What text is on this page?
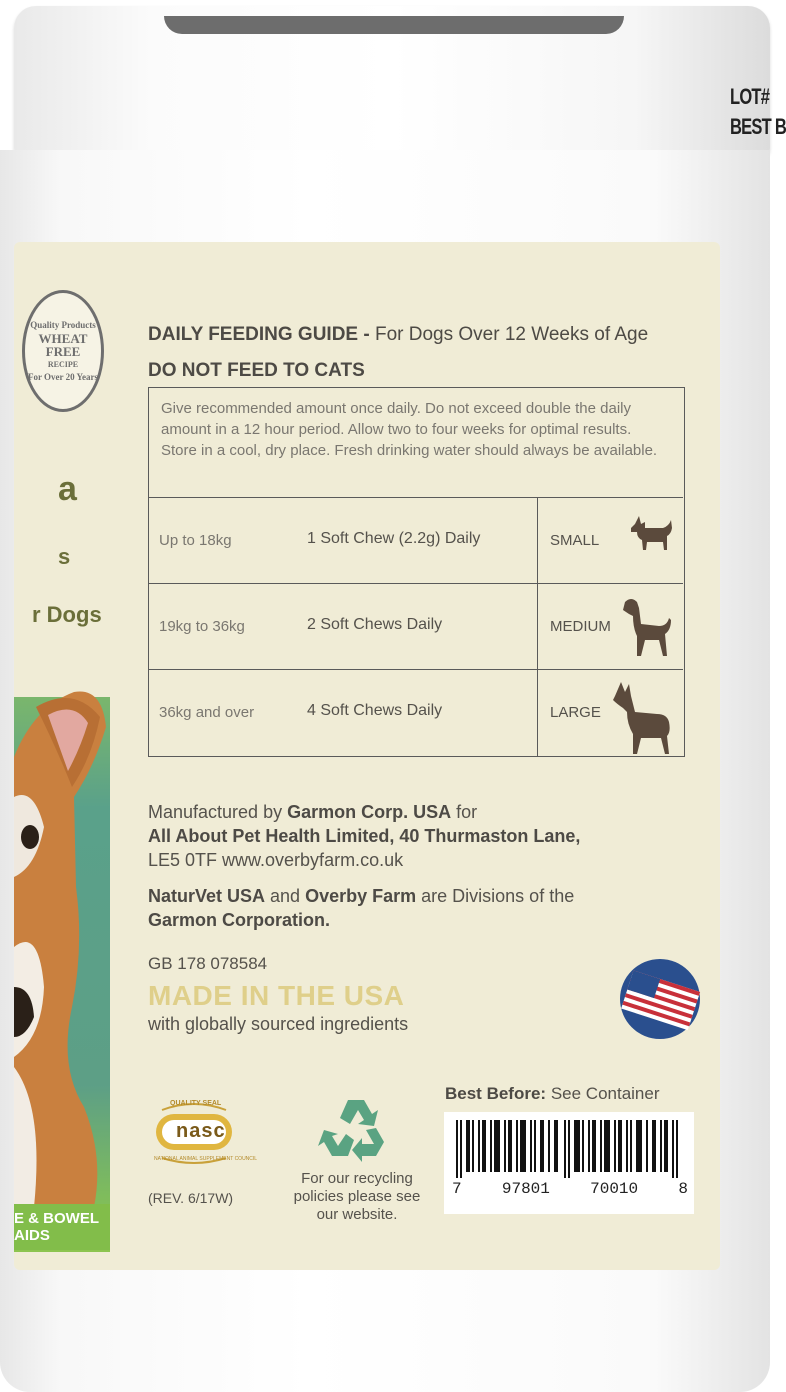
LOT#
BEST B
Quality Products
WHEAT
FREE
RECIPE
For Over 20 Years
a
s
r Dogs
E & BOWEL AIDS
DAILY FEEDING GUIDE - For Dogs Over 12 Weeks of Age
DO NOT FEED TO CATS
Give recommended amount once daily. Do not exceed double the daily amount in a 12 hour period. Allow two to four weeks for optimal results. Store in a cool, dry place. Fresh drinking water should always be available.
Up to 18kg	1 Soft Chew (2.2g) Daily	SMALL
19kg to 36kg	2 Soft Chews Daily	MEDIUM
36kg and over	4 Soft Chews Daily	LARGE
Manufactured by Garmon Corp. USA for
All About Pet Health Limited, 40 Thurmaston Lane,
LE5 0TF www.overbyfarm.co.uk
NaturVet USA and Overby Farm are Divisions of the
Garmon Corporation.
GB 178 078584
MADE IN THE USA
with globally sourced ingredients
QUALITY SEAL
nasc
NATIONAL ANIMAL SUPPLEMENT COUNCIL
(REV. 6/17W)
For our recycling policies please see our website.
Best Before: See Container
7	97801	70010	8
